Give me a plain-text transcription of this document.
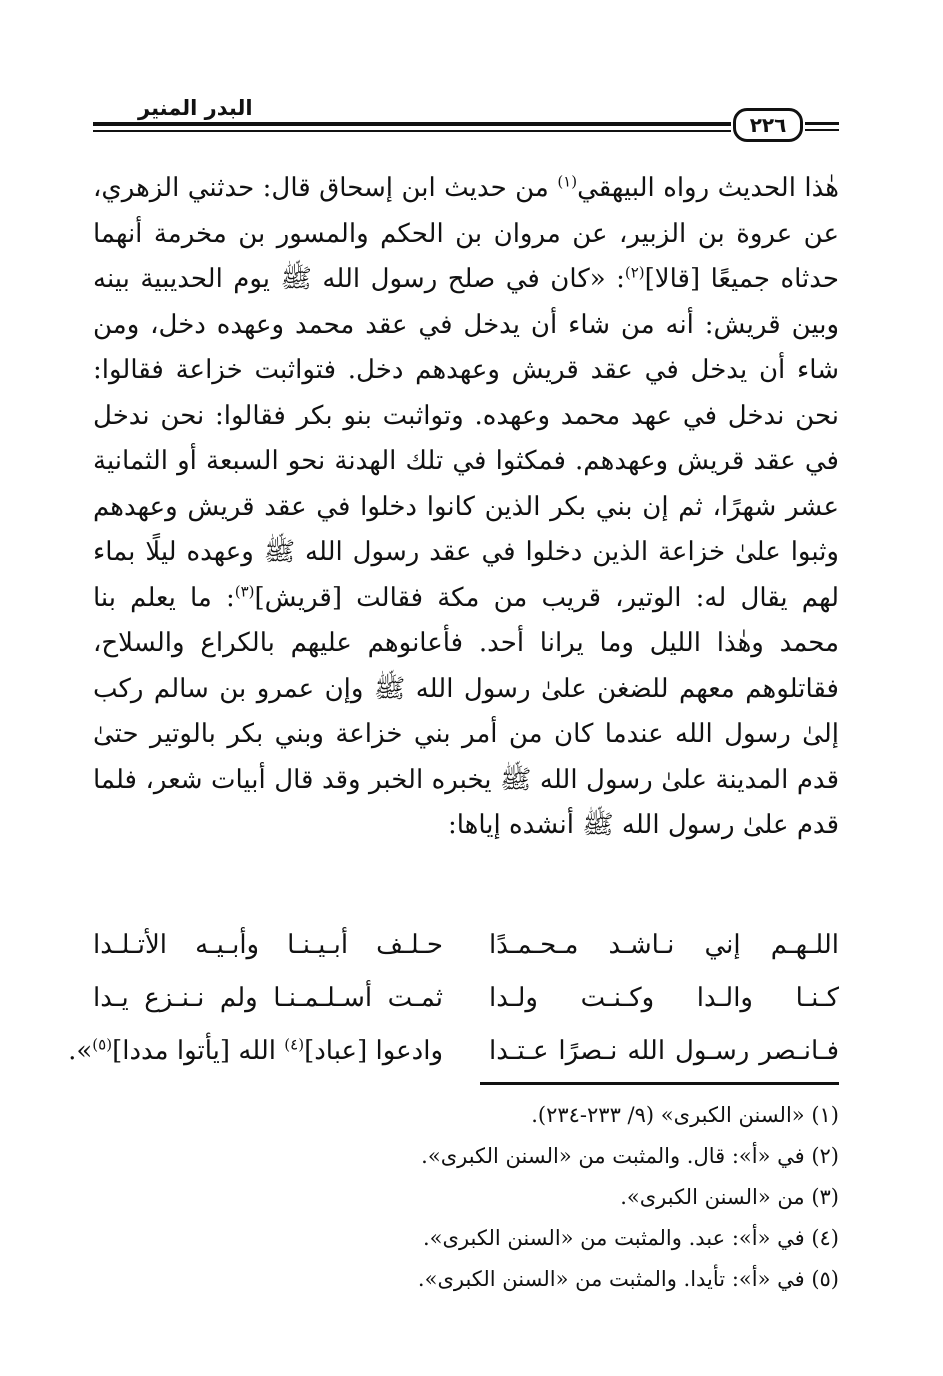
البدر المنير
٢٢٦
هٰذا الحديث رواه البيهقي$^{(١)}$ من حديث ابن إسحاق قال: حدثني الزهري، عن عروة بن الزبير، عن مروان بن الحكم والمسور بن مخرمة أنهما حدثاه جميعًا [قالا]$^{(٢)}$: «كان في صلح رسول الله ﷺ يوم الحديبية بينه وبين قريش: أنه من شاء أن يدخل في عقد محمد وعهده دخل، ومن شاء أن يدخل في عقد قريش وعهدهم دخل. فتواثبت خزاعة فقالوا: نحن ندخل في عهد محمد وعهده. وتواثبت بنو بكر فقالوا: نحن ندخل في عقد قريش وعهدهم. فمكثوا في تلك الهدنة نحو السبعة أو الثمانية عشر شهرًا، ثم إن بني بكر الذين كانوا دخلوا في عقد قريش وعهدهم وثبوا علىٰ خزاعة الذين دخلوا في عقد رسول الله ﷺ وعهده ليلًا بماء لهم يقال له: الوتير، قريب من مكة فقالت [قريش]$^{(٣)}$: ما يعلم بنا محمد وهٰذا الليل وما يرانا أحد. فأعانوهم عليهم بالكراع والسلاح، فقاتلوهم معهم للضغن علىٰ رسول الله ﷺ وإن عمرو بن سالم ركب إلىٰ رسول الله عندما كان من أمر بني خزاعة وبني بكر بالوتير حتىٰ قدم المدينة علىٰ رسول الله ﷺ يخبره الخبر وقد قال أبيات شعر، فلما قدم علىٰ رسول الله ﷺ أنشده إياها:
اللـهـم إني نـاشـد مـحـمـدًا
حـلـف أبـيـنـا وأبـيـه الأتـلـدا
كـنـا والـدا وكـنـت ولـدا
ثمـت أسـلـمـنـا ولم نـنـزع يـدا
فـانـصر رسـول الله نـصرًا عـتـدا
وادعوا [عباد]$^{(٤)}$ الله [يأتوا مددا]$^{(٥)}$».
(١) «السنن الكبرى» (٩/ ٢٣٣-٢٣٤).
(٢) في «أ»: قال. والمثبت من «السنن الكبرى».
(٣) من «السنن الكبرى».
(٤) في «أ»: عبد. والمثبت من «السنن الكبرى».
(٥) في «أ»: تأيدا. والمثبت من «السنن الكبرى».
